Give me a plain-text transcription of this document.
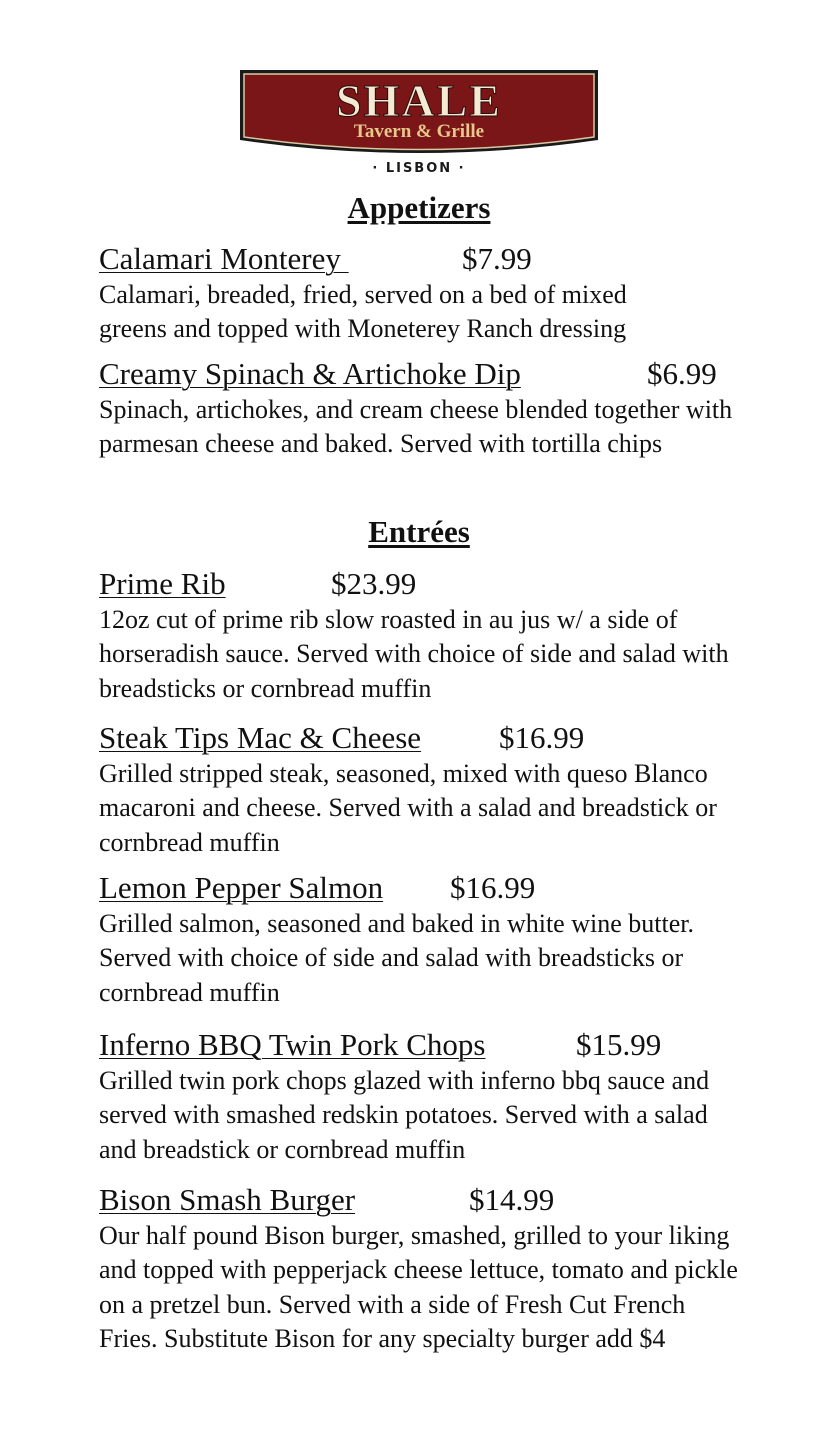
SHALE
Tavern & Grille
· LISBON ·
Appetizers
Calamari Monterey	$7.99
Calamari, breaded, fried, served on a bed of mixed greens and topped with Moneterey Ranch dressing
Creamy Spinach & Artichoke Dip	$6.99
Spinach, artichokes, and cream cheese blended together with parmesan cheese and baked. Served with tortilla chips
Entrées
Prime Rib	$23.99
12oz cut of prime rib slow roasted in au jus w/ a side of horseradish sauce. Served with choice of side and salad with breadsticks or cornbread muffin
Steak Tips Mac & Cheese	$16.99
Grilled stripped steak, seasoned, mixed with queso Blanco macaroni and cheese. Served with a salad and breadstick or cornbread muffin
Lemon Pepper Salmon $16.99
Grilled salmon, seasoned and baked in white wine butter. Served with choice of side and salad with breadsticks or cornbread muffin
Inferno BBQ Twin Pork Chops	$15.99
Grilled twin pork chops glazed with inferno bbq sauce and served with smashed redskin potatoes. Served with a salad and breadstick or cornbread muffin
Bison Smash Burger	$14.99
Our half pound Bison burger, smashed, grilled to your liking and topped with pepperjack cheese lettuce, tomato and pickle on a pretzel bun. Served with a side of Fresh Cut French Fries. Substitute Bison for any specialty burger add $4
